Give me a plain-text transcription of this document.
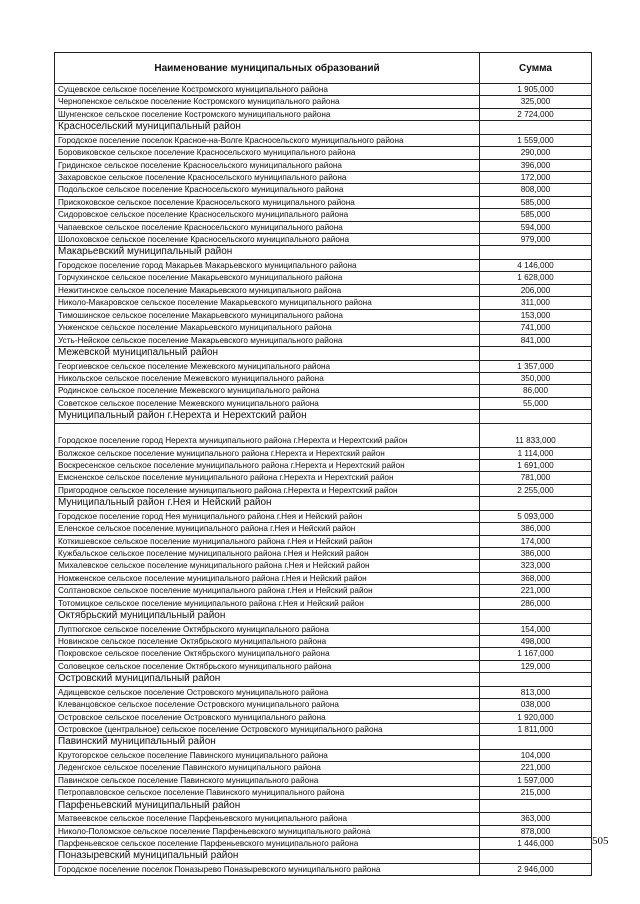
Наименование муниципальных образований	Сумма
Сущевское сельское поселение Костромского муниципального района	1 905,000
Чернопенское сельское поселение Костромского муниципального района	325,000
Шунгенское сельское поселение Костромского муниципального района	2 724,000
Красносельский муниципальный район	
Городское поселение поселок Красное-на-Волге Красносельского муниципального района	1 559,000
Боровиковское сельское поселение Красносельского муниципального района	290,000
Гридинское сельское поселение Красносельского муниципального района	396,000
Захаровское сельское поселение Красносельского муниципального района	172,000
Подольское сельское поселение Красносельского муниципального района	808,000
Прискоковское сельское поселение Красносельского муниципального района	585,000
Сидоровское сельское поселение Красносельского муниципального района	585,000
Чапаевское сельское поселение Красносельского муниципального района	594,000
Шолоховское сельское поселение Красносельского муниципального района	979,000
Макарьевский муниципальный район	
Городское поселение город Макарьев Макарьевского муниципального района	4 146,000
Горчухинское сельское поселение Макарьевского муниципального района	1 628,000
Нежитинское сельское поселение Макарьевского муниципального района	206,000
Николо-Макаровское сельское поселение Макарьевского муниципального района	311,000
Тимошинское сельское поселение Макарьевского муниципального района	153,000
Унженское сельское поселение Макарьевского муниципального района	741,000
Усть-Нейское сельское поселение Макарьевского муниципального района	841,000
Межевской муниципальный район	
Георгиевское сельское поселение Межевского муниципального района	1 357,000
Никольское сельское поселение Межевского муниципального района	350,000
Родинское сельское поселение Межевского муниципального района	86,000
Советское сельское поселение Межевского муниципального района	55,000
Муниципальный район г.Нерехта и Нерехтский район	
Городское поселение город Нерехта муниципального района г.Нерехта и Нерехтский район	11 833,000
Волжское сельское поселение муниципального района г.Нерехта и Нерехтский район	1 114,000
Воскресенское сельское поселение муниципального района г.Нерехта и Нерехтский район	1 691,000
Емсненское сельское поселение муниципального района г.Нерехта и Нерехтский район	781,000
Пригородное сельское поселение муниципального района г.Нерехта и Нерехтский район	2 255,000
Муниципальный район г.Нея и Нейский район	
Городское поселение город Нея муниципального района г.Нея и Нейский район	5 093,000
Еленское сельское поселение муниципального района г.Нея и Нейский район	386,000
Коткишевское сельское поселение муниципального района г.Нея и Нейский район	174,000
Кужбальское сельское поселение муниципального района г.Нея и Нейский район	386,000
Михалевское сельское поселение муниципального района г.Нея и Нейский район	323,000
Номженское сельское поселение муниципального района г.Нея и Нейский район	368,000
Солтановское сельское поселение муниципального района г.Нея и Нейский район	221,000
Тотомицкое сельское поселение муниципального района г.Нея и Нейский район	286,000
Октябрьский муниципальный район	
Луптюгское сельское поселение Октябрьского муниципального района	154,000
Новинское сельское поселение Октябрьского муниципального района	498,000
Покровское сельское поселение Октябрьского муниципального района	1 167,000
Соловецкое сельское поселение Октябрьского муниципального района	129,000
Островский муниципальный район	
Адищевское сельское поселение Островского муниципального района	813,000
Клеванцовское сельское поселение Островского муниципального района	038,000
Островское сельское поселение Островского муниципального района	1 920,000
Островское (центральное) сельское поселение Островского муниципального района	1 811,000
Павинский муниципальный район	
Крутогорское сельское поселение Павинского муниципального района	104,000
Леденгское сельское поселение Павинского муниципального района	221,000
Павинское сельское поселение Павинского муниципального района	1 597,000
Петропавловское сельское поселение Павинского муниципального района	215,000
Парфеньевский муниципальный район	
Матвеевское сельское поселение Парфеньевского муниципального района	363,000
Николо-Поломское сельское поселение Парфеньевского муниципального района	878,000
Парфеньевское сельское поселение Парфеньевского муниципального района	1 446,000
Поназыревский муниципальный район	
Городское поселение поселок Поназырево Поназыревского муниципального района	2 946,000
505
